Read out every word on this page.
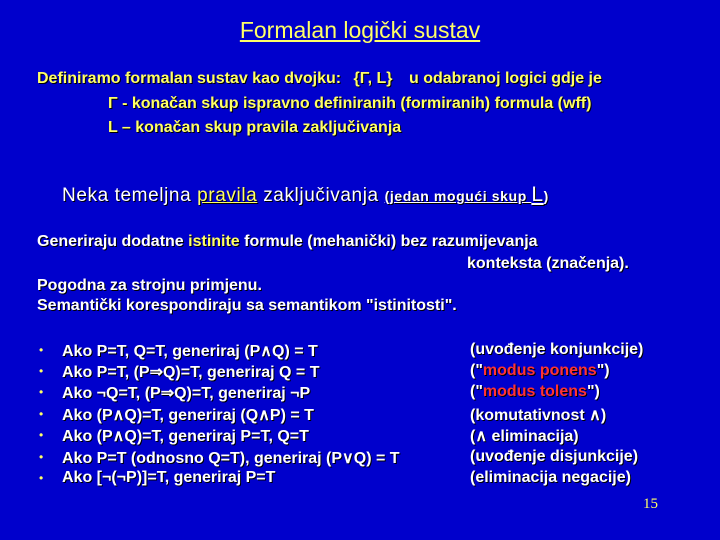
Formalan logički sustav
Definiramo formalan sustav kao dvojku: {Γ, L} u odabranoj logici gdje je
Γ - konačan skup ispravno definiranih (formiranih) formula (wff)
L – konačan skup pravila zaključivanja
Neka temeljna pravila zaključivanja (jedan mogući skup L)
Generiraju dodatne istinite formule (mehanički) bez razumijevanja
konteksta (značenja).
Pogodna za strojnu primjenu.
Semantički korespondiraju sa semantikom "istinitosti".
• Ako P=T, Q=T, generiraj (P∧Q) = T	(uvođenje konjunkcije)
• Ako P=T, (P⇒Q)=T, generiraj Q = T	("modus ponens")
• Ako ¬Q=T, (P⇒Q)=T, generiraj ¬P	("modus tolens")
• Ako (P∧Q)=T, generiraj (Q∧P) = T	(komutativnost ∧)
• Ako (P∧Q)=T, generiraj P=T, Q=T	(∧ eliminacija)
• Ako P=T (odnosno Q=T), generiraj (P∨Q) = T	(uvođenje disjunkcije)
• Ako [¬(¬P)]=T, generiraj P=T	(eliminacija negacije)
15
